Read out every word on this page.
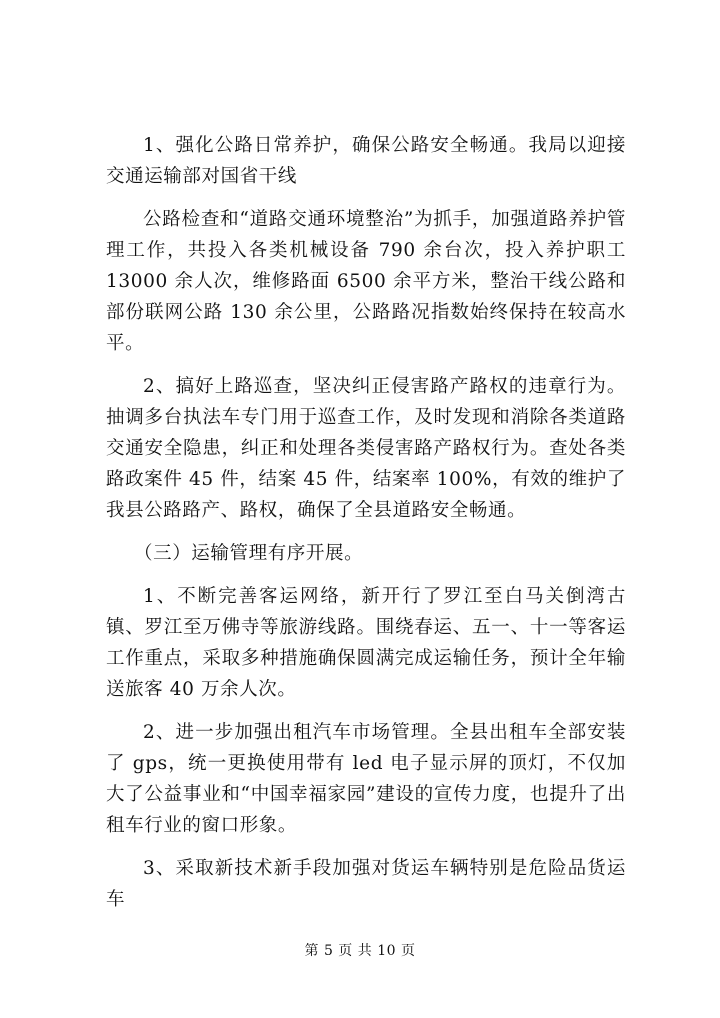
1、强化公路日常养护，确保公路安全畅通。我局以迎接交通运输部对国省干线

公路检查和“道路交通环境整治”为抓手，加强道路养护管理工作，共投入各类机械设备 790 余台次，投入养护职工 13000 余人次，维修路面 6500 余平方米，整治干线公路和部份联网公路 130 余公里，公路路况指数始终保持在较高水平。

2、搞好上路巡查，坚决纠正侵害路产路权的违章行为。抽调多台执法车专门用于巡查工作，及时发现和消除各类道路交通安全隐患，纠正和处理各类侵害路产路权行为。查处各类路政案件 45 件，结案 45 件，结案率 100%，有效的维护了我县公路路产、路权，确保了全县道路安全畅通。

（三）运输管理有序开展。

1、不断完善客运网络，新开行了罗江至白马关倒湾古镇、罗江至万佛寺等旅游线路。围绕春运、五一、十一等客运工作重点，采取多种措施确保圆满完成运输任务，预计全年输送旅客 40 万余人次。

2、进一步加强出租汽车市场管理。全县出租车全部安装了 gps，统一更换使用带有 led 电子显示屏的顶灯，不仅加大了公益事业和“中国幸福家园”建设的宣传力度，也提升了出租车行业的窗口形象。

3、采取新技术新手段加强对货运车辆特别是危险品货运车

第 5 页 共 10 页
